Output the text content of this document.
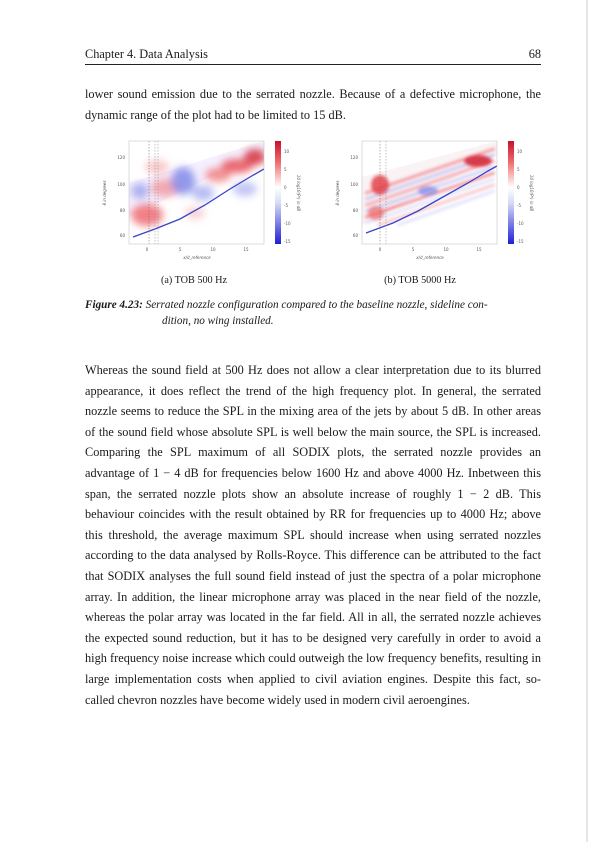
Chapter 4. Data Analysis	68

lower sound emission due to the serrated nozzle. Because of a defective microphone, the dynamic range of the plot had to be limited to 15 dB.

120
100
80
60
0	5	10	15
x/d_reference
θ in degrees
10
5
0
-5
-10
-15
10 log10(P²) in dB
120
100
80
60
0	5	10	15
x/d_reference
θ in degrees
10
5
0
-5
-10
-15
10 log10(P²) in dB
(a) TOB 500 Hz	(b) TOB 5000 Hz
Figure 4.23: Serrated nozzle configuration compared to the baseline nozzle, sideline con-
dition, no wing installed.

Whereas the sound field at 500 Hz does not allow a clear interpretation due to its blurred appearance, it does reflect the trend of the high frequency plot. In general, the serrated nozzle seems to reduce the SPL in the mixing area of the jets by about 5 dB. In other areas of the sound field whose absolute SPL is well below the main source, the SPL is increased. Comparing the SPL maximum of all SODIX plots, the serrated nozzle provides an advantage of 1 − 4 dB for frequencies below 1600 Hz and above 4000 Hz. Inbetween this span, the serrated nozzle plots show an absolute increase of roughly 1 − 2 dB. This behaviour coincides with the result obtained by RR for frequencies up to 4000 Hz; above this threshold, the average maximum SPL should increase when using serrated nozzles according to the data analysed by Rolls-Royce. This difference can be attributed to the fact that SODIX analyses the full sound field instead of just the spectra of a polar microphone array. In addition, the linear microphone array was placed in the near field of the nozzle, whereas the polar array was located in the far field. All in all, the serrated nozzle achieves the expected sound reduction, but it has to be designed very carefully in order to avoid a high frequency noise increase which could outweigh the low frequency benefits, resulting in large implementation costs when applied to civil aviation engines. Despite this fact, so-called chevron nozzles have become widely used in modern civil aeroengines.
